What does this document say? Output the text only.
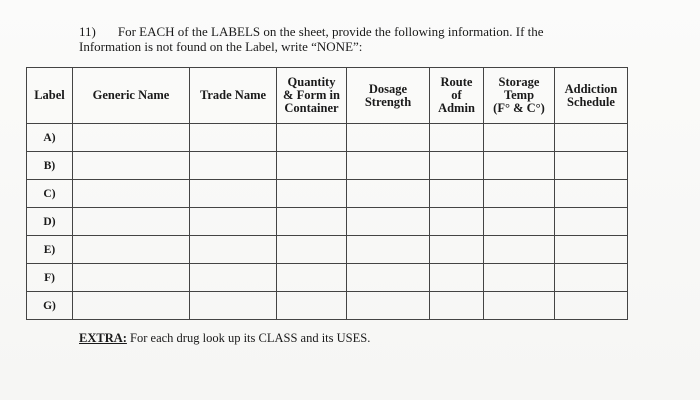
11) For EACH of the LABELS on the sheet, provide the following information. If the
Information is not found on the Label, write “NONE”:
Label	Generic Name	Trade Name	Quantity
& Form in
Container	Dosage
Strength	Route
of
Admin	Storage
Temp
(F° & C°)	Addiction
Schedule

A)							
B)							
C)							
D)							
E)							
F)							
G)							
EXTRA: For each drug look up its CLASS and its USES.
